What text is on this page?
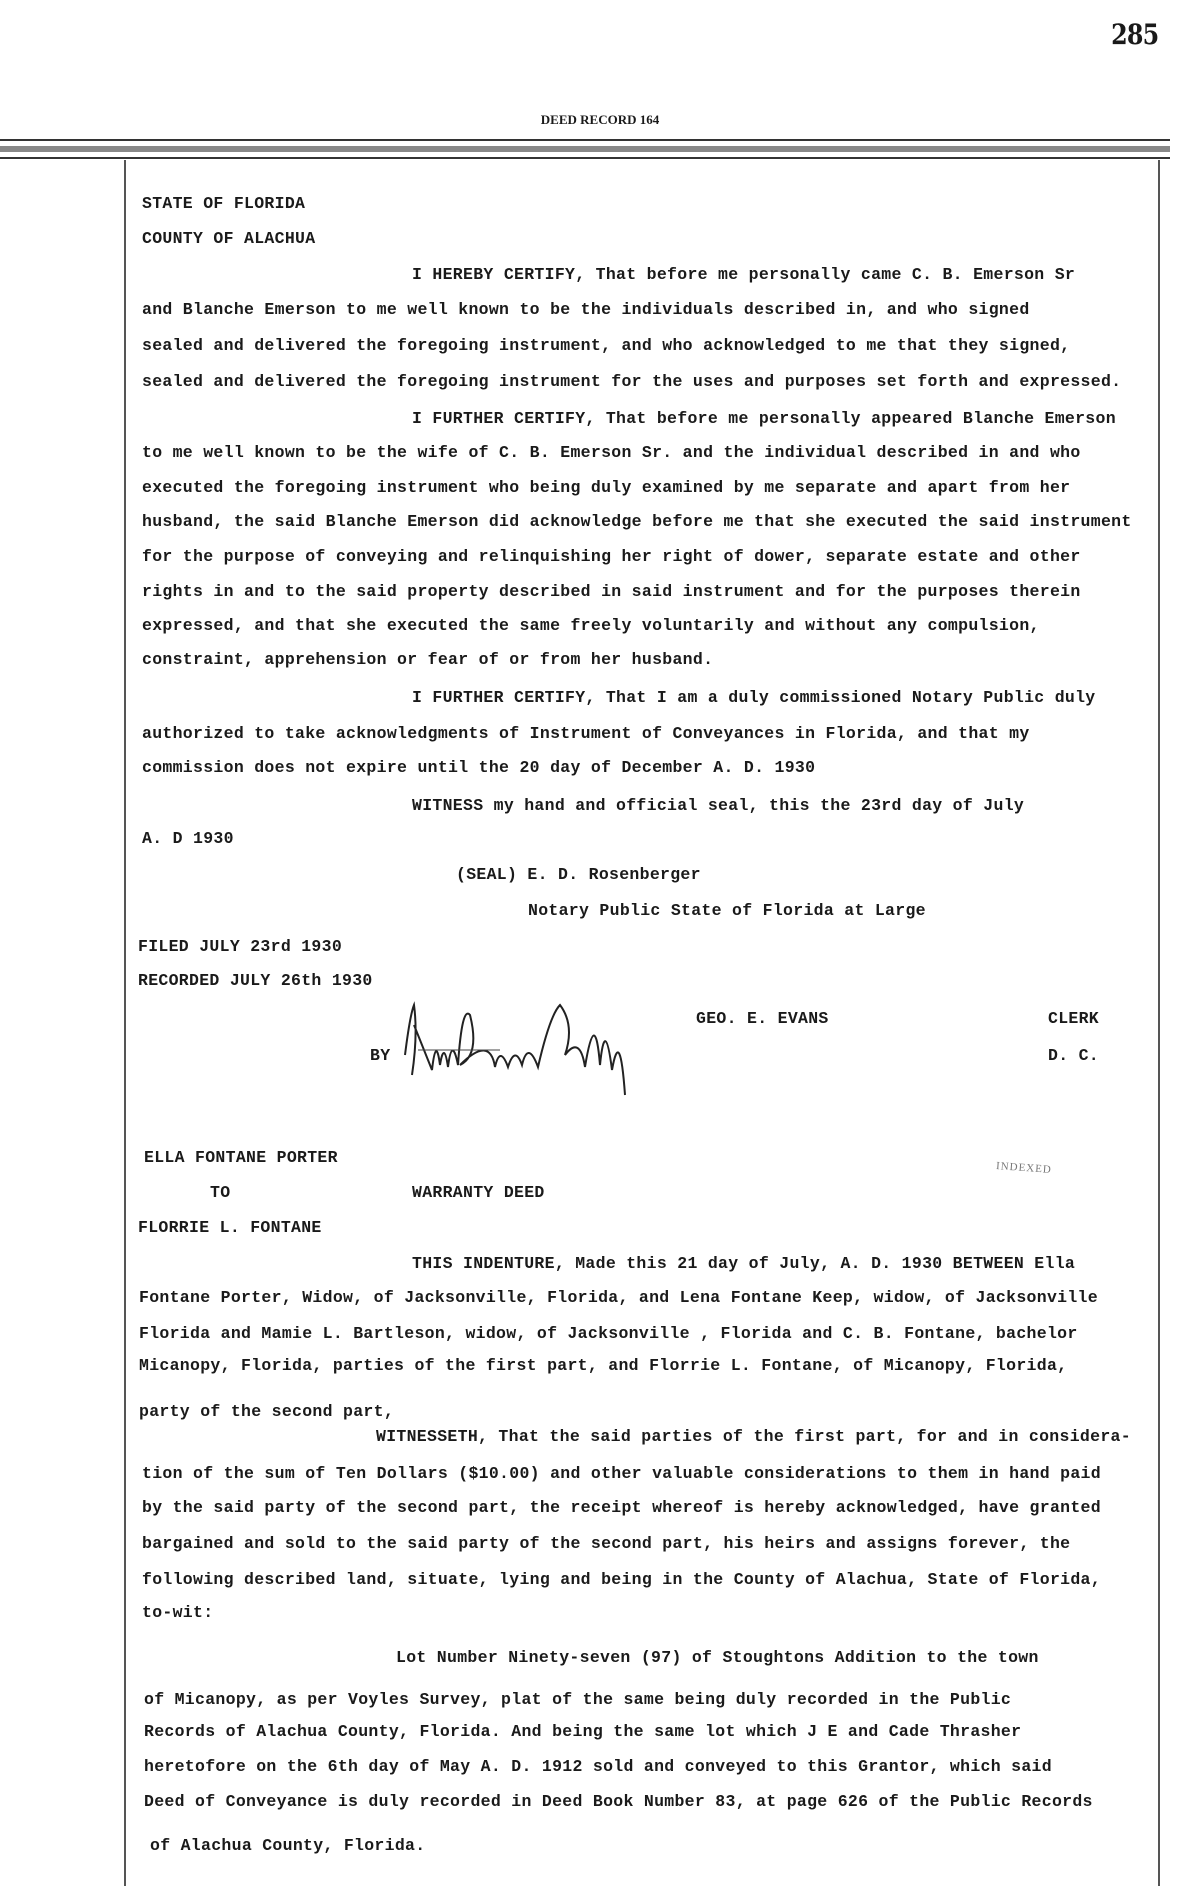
285
DEED RECORD 164
STATE OF FLORIDA
COUNTY OF ALACHUA
I HEREBY CERTIFY, That before me personally came C. B. Emerson Sr
and Blanche Emerson to me well known to be the individuals described in, and who signed
sealed and delivered the foregoing instrument, and who acknowledged to me that they signed,
sealed and delivered the foregoing instrument for the uses and purposes set forth and expressed.
I FURTHER CERTIFY, That before me personally appeared Blanche Emerson
to me well known to be the wife of C. B. Emerson Sr. and the individual described in and who
executed the foregoing instrument who being duly examined by me separate and apart from her
husband, the said Blanche Emerson did acknowledge before me that she executed the said instrument
for the purpose of conveying and relinquishing her right of dower, separate estate and other
rights in and to the said property described in said instrument and for the purposes therein
expressed, and that she executed the same freely voluntarily and without any compulsion,
constraint, apprehension or fear of or from her husband.
I FURTHER CERTIFY, That I am a duly commissioned Notary Public duly
authorized to take acknowledgments of Instrument of Conveyances in Florida, and that my
commission does not expire until the 20 day of December A. D. 1930
WITNESS my hand and official seal, this the 23rd day of July
A. D 1930
(SEAL) E. D. Rosenberger
Notary Public State of Florida at Large
FILED JULY 23rd 1930
RECORDED JULY 26th 1930
GEO. E. EVANS	CLERK
BY	D. C.
ELLA FONTANE PORTER
TO	WARRANTY DEED
FLORRIE L. FONTANE
INDEXED
THIS INDENTURE, Made this 21 day of July, A. D. 1930 BETWEEN Ella
Fontane Porter, Widow, of Jacksonville, Florida, and Lena Fontane Keep, widow, of Jacksonville
Florida and Mamie L. Bartleson, widow, of Jacksonville , Florida and C. B. Fontane, bachelor
Micanopy, Florida, parties of the first part, and Florrie L. Fontane, of Micanopy, Florida,
party of the second part,
WITNESSETH, That the said parties of the first part, for and in considera-
tion of the sum of Ten Dollars ($10.00) and other valuable considerations to them in hand paid
by the said party of the second part, the receipt whereof is hereby acknowledged, have granted
bargained and sold to the said party of the second part, his heirs and assigns forever, the
following described land, situate, lying and being in the County of Alachua, State of Florida,
to-wit:
Lot Number Ninety-seven (97) of Stoughtons Addition to the town
of Micanopy, as per Voyles Survey, plat of the same being duly recorded in the Public
Records of Alachua County, Florida. And being the same lot which J E and Cade Thrasher
heretofore on the 6th day of May A. D. 1912 sold and conveyed to this Grantor, which said
Deed of Conveyance is duly recorded in Deed Book Number 83, at page 626 of the Public Records
of Alachua County, Florida.
